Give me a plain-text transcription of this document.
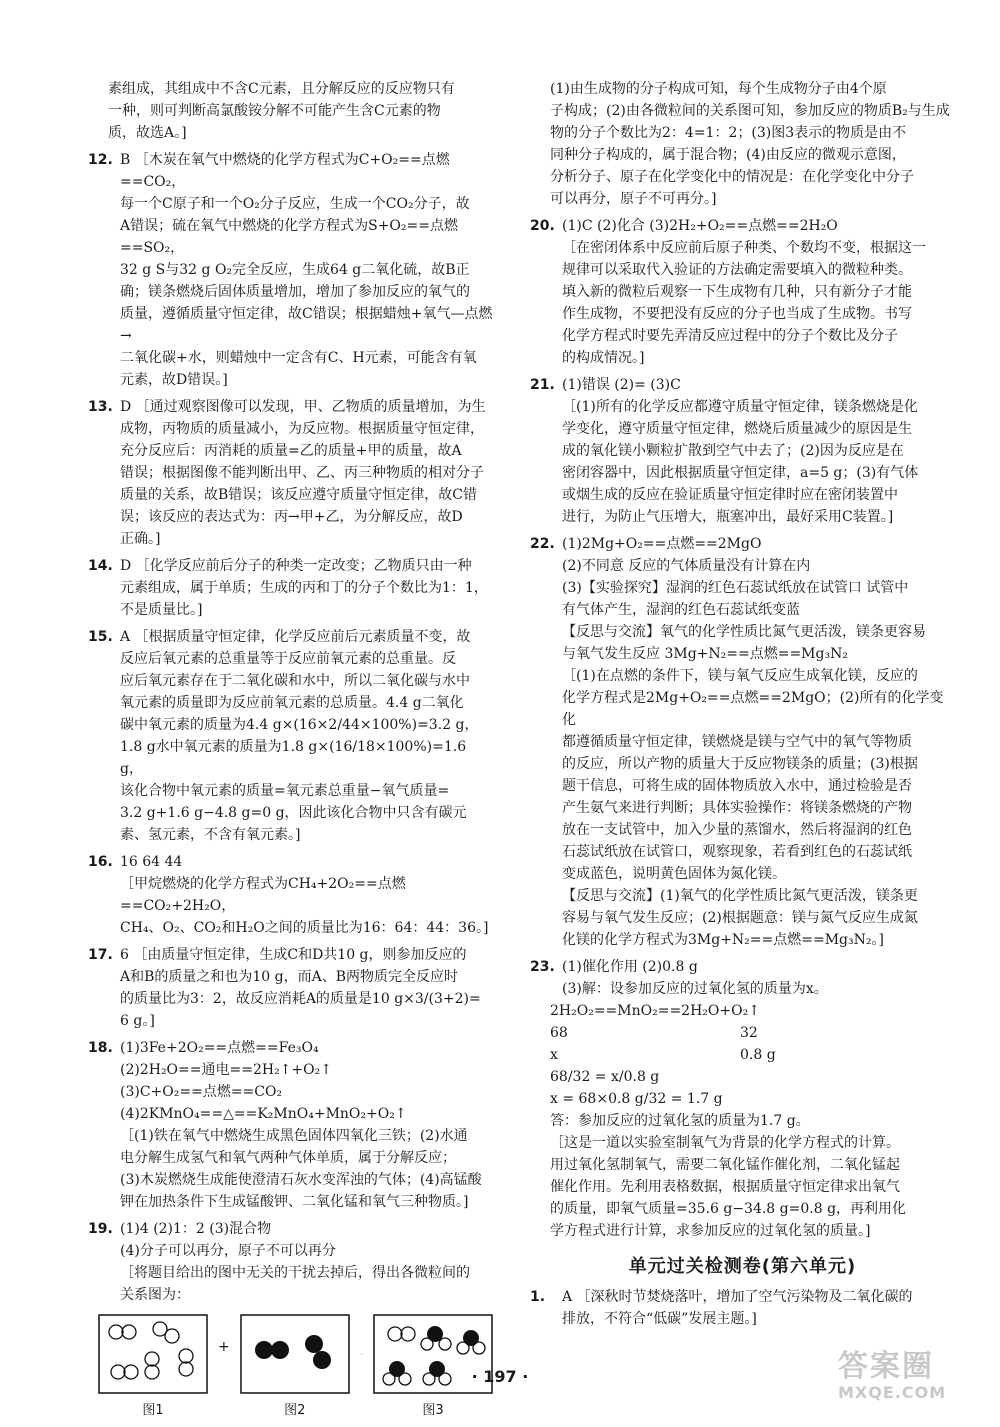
素组成，其组成中不含C元素，且分解反应的反应物只有
一种，则可判断高氯酸铵分解不可能产生含C元素的物
质，故选A。]
12. B ［木炭在氧气中燃烧的化学方程式为C+O₂==点燃==CO₂，
每一个C原子和一个O₂分子反应，生成一个CO₂分子，故
A错误；硫在氧气中燃烧的化学方程式为S+O₂==点燃==SO₂，
32 g S与32 g O₂完全反应，生成64 g二氧化硫，故B正
确；镁条燃烧后固体质量增加，增加了参加反应的氧气的
质量，遵循质量守恒定律，故C错误；根据蜡烛+氧气—点燃→
二氧化碳+水，则蜡烛中一定含有C、H元素，可能含有氧
元素，故D错误。]
13. D ［通过观察图像可以发现，甲、乙物质的质量增加，为生
成物，丙物质的质量减小，为反应物。根据质量守恒定律，
充分反应后：丙消耗的质量=乙的质量+甲的质量，故A
错误；根据图像不能判断出甲、乙、丙三种物质的相对分子
质量的关系，故B错误；该反应遵守质量守恒定律，故C错
误；该反应的表达式为：丙→甲+乙，为分解反应，故D
正确。]
14. D ［化学反应前后分子的种类一定改变；乙物质只由一种
元素组成，属于单质；生成的丙和丁的分子个数比为1：1，
不是质量比。]
15. A ［根据质量守恒定律，化学反应前后元素质量不变，故
反应后氧元素的总重量等于反应前氧元素的总重量。反
应后氧元素存在于二氧化碳和水中，所以二氧化碳与水中
氧元素的质量即为反应前氧元素的总质量。4.4 g二氧化
碳中氧元素的质量为4.4 g×(16×2/44×100%)=3.2 g，
1.8 g水中氧元素的质量为1.8 g×(16/18×100%)=1.6 g，
该化合物中氧元素的质量=氧元素总重量−氧气质量=
3.2 g+1.6 g−4.8 g=0 g，因此该化合物中只含有碳元
素、氢元素，不含有氧元素。]
16. 16 64 44
［甲烷燃烧的化学方程式为CH₄+2O₂==点燃==CO₂+2H₂O，
CH₄、O₂、CO₂和H₂O之间的质量比为16：64：44：36。]
17. 6 ［由质量守恒定律，生成C和D共10 g，则参加反应的
A和B的质量之和也为10 g，而A、B两物质完全反应时
的质量比为3：2，故反应消耗A的质量是10 g×3/(3+2)=
6 g。]
18. (1)3Fe+2O₂==点燃==Fe₃O₄
(2)2H₂O==通电==2H₂↑+O₂↑
(3)C+O₂==点燃==CO₂
(4)2KMnO₄==△==K₂MnO₄+MnO₂+O₂↑
［(1)铁在氧气中燃烧生成黑色固体四氧化三铁；(2)水通
电分解生成氢气和氧气两种气体单质，属于分解反应；
(3)木炭燃烧生成能使澄清石灰水变浑浊的气体；(4)高锰酸
钾在加热条件下生成锰酸钾、二氧化锰和氧气三种物质。]
19. (1)4 (2)1：2 (3)混合物
(4)分子可以再分，原子不可以再分
［将题目给出的图中无关的干扰去掉后，得出各微粒间的
关系图为：
图1
+
图2	图3
(1)由生成物的分子构成可知，每个生成物分子由4个原
子构成；(2)由各微粒间的关系图可知，参加反应的物质B₂与生成
物的分子个数比为2：4=1：2；(3)图3表示的物质是由不
同种分子构成的，属于混合物；(4)由反应的微观示意图，
分析分子、原子在化学变化中的情况是：在化学变化中分子
可以再分，原子不可再分。]
20. (1)C (2)化合 (3)2H₂+O₂==点燃==2H₂O
［在密闭体系中反应前后原子种类、个数均不变，根据这一
规律可以采取代入验证的方法确定需要填入的微粒种类。
填入新的微粒后观察一下生成物有几种，只有新分子才能
作生成物，不要把没有反应的分子也当成了生成物。书写
化学方程式时要先弄清反应过程中的分子个数比及分子
的构成情况。]
21. (1)错误 (2)= (3)C
［(1)所有的化学反应都遵守质量守恒定律，镁条燃烧是化
学变化，遵守质量守恒定律，燃烧后质量减少的原因是生
成的氧化镁小颗粒扩散到空气中去了；(2)因为反应是在
密闭容器中，因此根据质量守恒定律，a=5 g；(3)有气体
或烟生成的反应在验证质量守恒定律时应在密闭装置中
进行，为防止气压增大，瓶塞冲出，最好采用C装置。]
22. (1)2Mg+O₂==点燃==2MgO
(2)不同意 反应的气体质量没有计算在内
(3)【实验探究】湿润的红色石蕊试纸放在试管口 试管中
有气体产生，湿润的红色石蕊试纸变蓝
【反思与交流】氧气的化学性质比氮气更活泼，镁条更容易
与氧气发生反应 3Mg+N₂==点燃==Mg₃N₂
［(1)在点燃的条件下，镁与氧气反应生成氧化镁，反应的
化学方程式是2Mg+O₂==点燃==2MgO；(2)所有的化学变化
都遵循质量守恒定律，镁燃烧是镁与空气中的氧气等物质
的反应，所以产物的质量大于反应物镁条的质量；(3)根据
题干信息，可将生成的固体物质放入水中，通过检验是否
产生氨气来进行判断；具体实验操作：将镁条燃烧的产物
放在一支试管中，加入少量的蒸馏水，然后将湿润的红色
石蕊试纸放在试管口，观察现象，若看到红色的石蕊试纸
变成蓝色，说明黄色固体为氮化镁。
【反思与交流】(1)氧气的化学性质比氮气更活泼，镁条更
容易与氧气发生反应；(2)根据题意：镁与氮气反应生成氮
化镁的化学方程式为3Mg+N₂==点燃==Mg₃N₂。]
23. (1)催化作用 (2)0.8 g
(3)解：设参加反应的过氧化氢的质量为x。
2H₂O₂==MnO₂==2H₂O+O₂↑
68	32
x	0.8 g
68/32 = x/0.8 g
x = 68×0.8 g/32 = 1.7 g
答：参加反应的过氧化氢的质量为1.7 g。
［这是一道以实验室制氧气为背景的化学方程式的计算。
用过氧化氢制氧气，需要二氧化锰作催化剂，二氧化锰起
催化作用。先利用表格数据，根据质量守恒定律求出氧气
的质量，即氧气质量=35.6 g−34.8 g=0.8 g，再利用化
学方程式进行计算，求参加反应的过氧化氢的质量。]
单元过关检测卷(第六单元)
1.	A ［深秋时节焚烧落叶，增加了空气污染物及二氧化碳的
排放，不符合“低碳”发展主题。]
· 197 ·	答案圈
MXQE.COM
